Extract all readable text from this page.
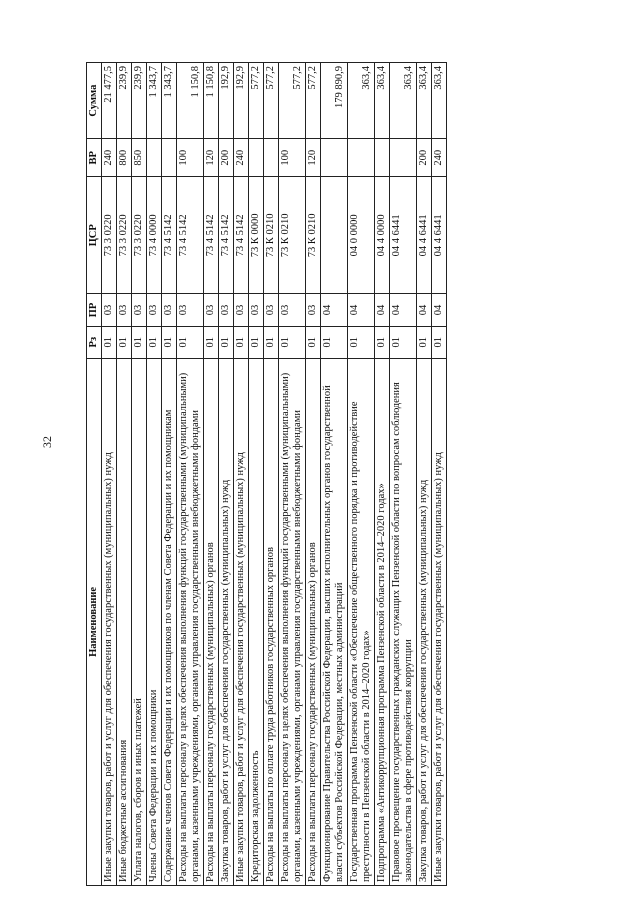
32
Наименование	Рз	ПР	ЦСР	ВР	Сумма
Иные закупки товаров, работ и услуг для обеспечения государственных (муниципальных) нужд	01	03	73 3 0220	240	21 477,5
Иные бюджетные ассигнования	01	03	73 3 0220	800	239,9
Уплата налогов, сборов и иных платежей	01	03	73 3 0220	850	239,9
Члены Совета Федерации и их помощники	01	03	73 4 0000		1 343,7
Содержание членов Совета Федерации и их помощников по членам Совета Федерации и их помощникам	01	03	73 4 5142		1 343,7
Расходы на выплаты персоналу в целях обеспечения выполнения функций государственными (муниципальными) органами, казенными учреждениями, органами управления государственными внебюджетными фондами	01	03	73 4 5142	100	1 150,8
Расходы на выплаты персоналу государственных (муниципальных) органов	01	03	73 4 5142	120	1 150,8
Закупка товаров, работ и услуг для обеспечения государственных (муниципальных) нужд	01	03	73 4 5142	200	192,9
Иные закупки товаров, работ и услуг для обеспечения государственных (муниципальных) нужд	01	03	73 4 5142	240	192,9
Кредиторская задолженность	01	03	73 К 0000		577,2
Расходы на выплаты по оплате труда работников государственных органов	01	03	73 К 0210		577,2
Расходы на выплаты персоналу в целях обеспечения выполнения функций государственными (муниципальными) органами, казенными учреждениями, органами управления государственными внебюджетными фондами	01	03	73 К 0210	100	577,2
Расходы на выплаты персоналу государственных (муниципальных) органов	01	03	73 К 0210	120	577,2
Функционирование Правительства Российской Федерации, высших исполнительных органов государственной власти субъектов Российской Федерации, местных администраций	01	04			179 890,9
Государственная программа Пензенской области «Обеспечение общественного порядка и противодействие преступности в Пензенской области в 2014–2020 годах»	01	04	04 0 0000		363,4
Подпрограмма «Антикоррупционная программа Пензенской области в 2014–2020 годах»	01	04	04 4 0000		363,4
Правовое просвещение государственных гражданских служащих Пензенской области по вопросам соблюдения законодательства в сфере противодействия коррупции	01	04	04 4 6441		363,4
Закупка товаров, работ и услуг для обеспечения государственных (муниципальных) нужд	01	04	04 4 6441	200	363,4
Иные закупки товаров, работ и услуг для обеспечения государственных (муниципальных) нужд	01	04	04 4 6441	240	363,4
